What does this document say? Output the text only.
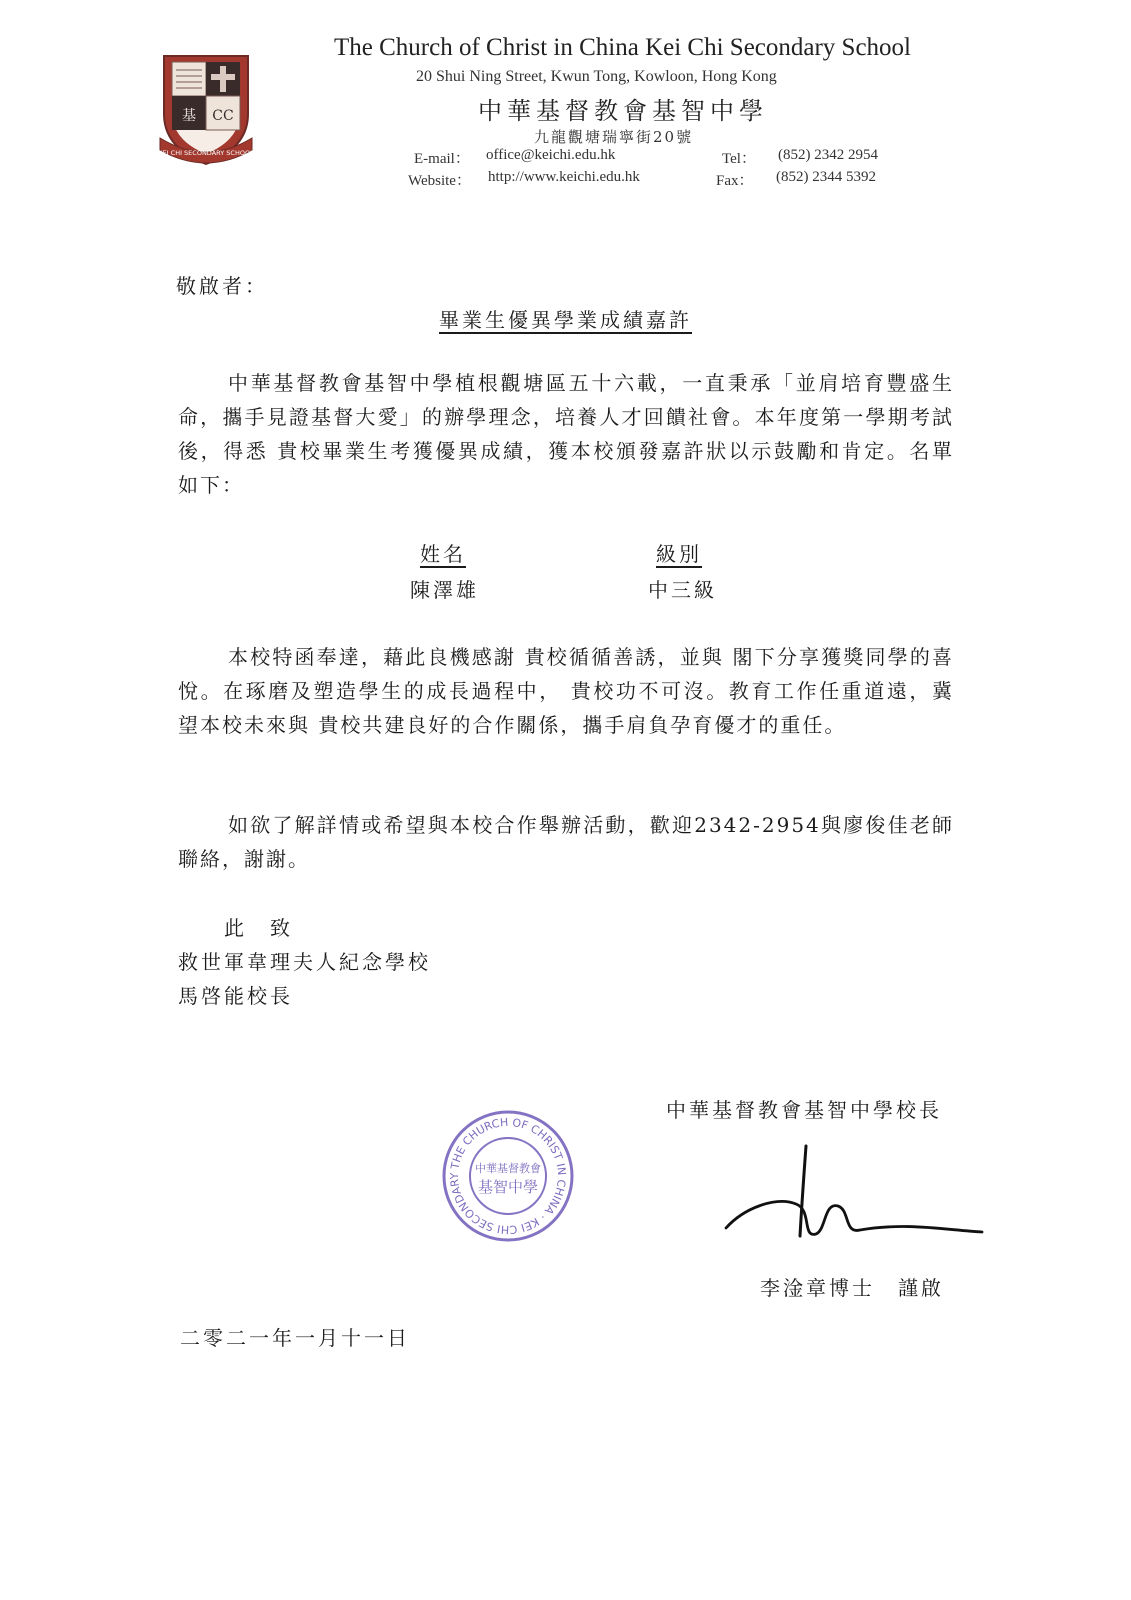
基 CC
KEI CHI SECONDARY SCHOOL
The Church of Christ in China Kei Chi Secondary School
20 Shui Ning Street, Kwun Tong, Kowloon, Hong Kong
中華基督教會基智中學
九龍觀塘瑞寧街20號
E-mail： office@keichi.edu.hk
Website： http://www.keichi.edu.hk
Tel： (852) 2342 2954
Fax： (852) 2344 5392
敬啟者：
畢業生優異學業成績嘉許

中華基督教會基智中學植根觀塘區五十六載，一直秉承「並肩培育豐盛生命，攜手見證基督大愛」的辦學理念，培養人才回饋社會。本年度第一學期考試後，得悉 貴校畢業生考獲優異成績，獲本校頒發嘉許狀以示鼓勵和肯定。名單如下：

姓名	級別
陳澤雄	中三級

本校特函奉達，藉此良機感謝 貴校循循善誘，並與 閣下分享獲獎同學的喜悅。在琢磨及塑造學生的成長過程中， 貴校功不可沒。教育工作任重道遠，冀望本校未來與 貴校共建良好的合作關係，攜手肩負孕育優才的重任。

如欲了解詳情或希望與本校合作舉辦活動，歡迎2342-2954與廖俊佳老師聯絡，謝謝。

此　致
救世軍韋理夫人紀念學校
馬啓能校長
中華基督教會基智中學校長
THE CHURCH OF CHRIST IN CHINA · KEI CHI SECONDARY
中華基督教會
基智中學
李淦章博士　謹啟
二零二一年一月十一日
